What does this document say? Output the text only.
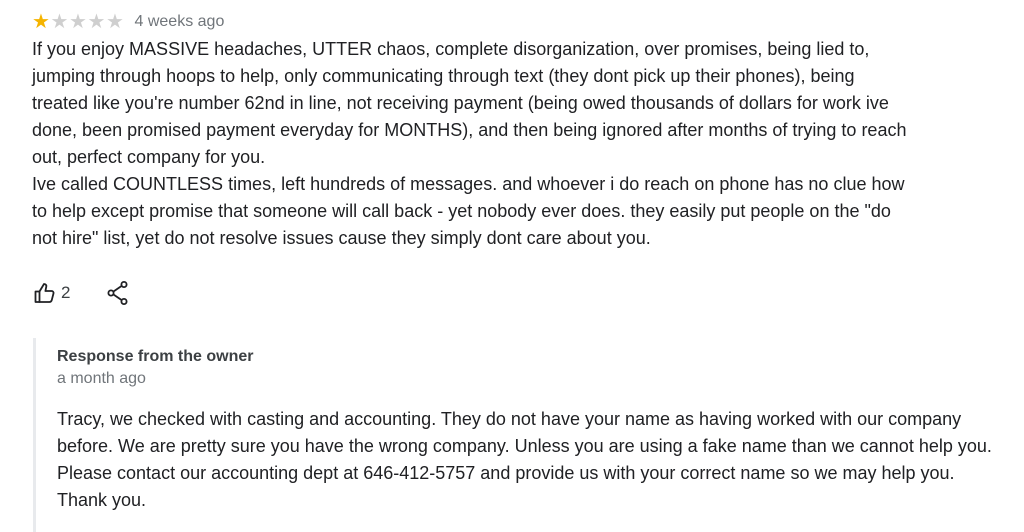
★ ★ ★ ★ ★ 4 weeks ago

If you enjoy MASSIVE headaches, UTTER chaos, complete disorganization, over promises, being lied to, jumping through hoops to help, only communicating through text (they dont pick up their phones), being treated like you're number 62nd in line, not receiving payment (being owed thousands of dollars for work ive done, been promised payment everyday for MONTHS), and then being ignored after months of trying to reach out, perfect company for you.

Ive called COUNTLESS times, left hundreds of messages. and whoever i do reach on phone has no clue how to help except promise that someone will call back - yet nobody ever does. they easily put people on the "do not hire" list, yet do not resolve issues cause they simply dont care about you.

2
Response from the owner
a month ago
Tracy, we checked with casting and accounting. They do not have your name as having worked with our company before. We are pretty sure you have the wrong company. Unless you are using a fake name than we cannot help you. Please contact our accounting dept at 646-412-5757 and provide us with your correct name so we may help you. Thank you.
